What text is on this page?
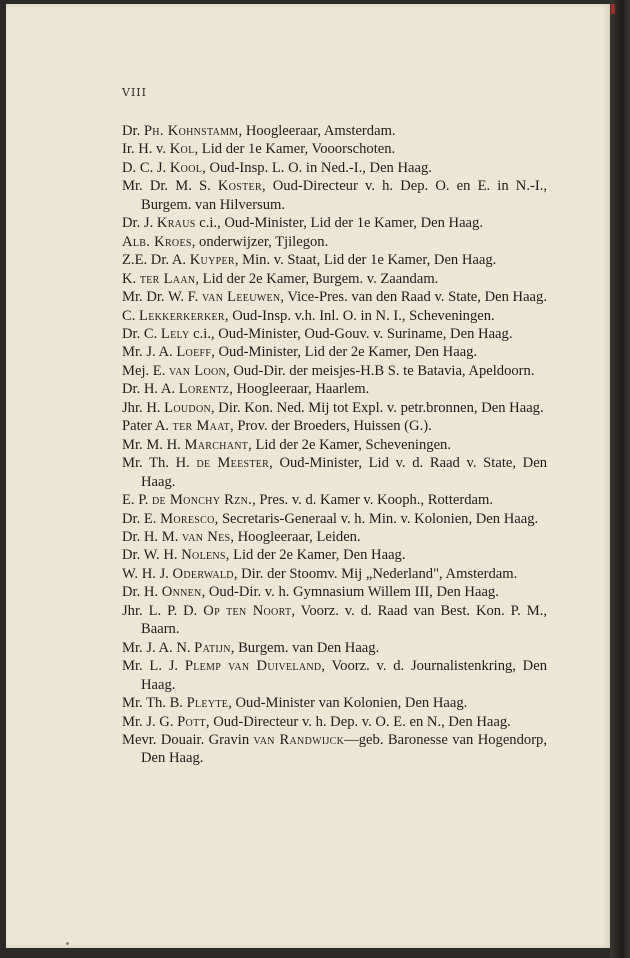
VIII
Dr. Ph. Kohnstamm, Hoogleeraar, Amsterdam.
Ir. H. v. Kol, Lid der 1e Kamer, Vooorschoten.
D. C. J. Kool, Oud-Insp. L. O. in Ned.-I., Den Haag.
Mr. Dr. M. S. Koster, Oud-Directeur v. h. Dep. O. en E. in N.-I., Burgem. van Hilversum.
Dr. J. Kraus c.i., Oud-Minister, Lid der 1e Kamer, Den Haag.
Alb. Kroes, onderwijzer, Tjilegon.
Z.E. Dr. A. Kuyper, Min. v. Staat, Lid der 1e Kamer, Den Haag.
K. ter Laan, Lid der 2e Kamer, Burgem. v. Zaandam.
Mr. Dr. W. F. van Leeuwen, Vice-Pres. van den Raad v. State, Den Haag.
C. Lekkerkerker, Oud-Insp. v.h. Inl. O. in N. I., Scheveningen.
Dr. C. Lely c.i., Oud-Minister, Oud-Gouv. v. Suriname, Den Haag.
Mr. J. A. Loeff, Oud-Minister, Lid der 2e Kamer, Den Haag.
Mej. E. van Loon, Oud-Dir. der meisjes-H.B S. te Batavia, Apeldoorn.
Dr. H. A. Lorentz, Hoogleeraar, Haarlem.
Jhr. H. Loudon, Dir. Kon. Ned. Mij tot Expl. v. petr.bronnen, Den Haag.
Pater A. ter Maat, Prov. der Broeders, Huissen (G.).
Mr. M. H. Marchant, Lid der 2e Kamer, Scheveningen.
Mr. Th. H. de Meester, Oud-Minister, Lid v. d. Raad v. State, Den Haag.
E. P. de Monchy Rzn., Pres. v. d. Kamer v. Kooph., Rotterdam.
Dr. E. Moresco, Secretaris-Generaal v. h. Min. v. Kolonien, Den Haag.
Dr. H. M. van Nes, Hoogleeraar, Leiden.
Dr. W. H. Nolens, Lid der 2e Kamer, Den Haag.
W. H. J. Oderwald, Dir. der Stoomv. Mij „Nederland", Amsterdam.
Dr. H. Onnen, Oud-Dir. v. h. Gymnasium Willem III, Den Haag.
Jhr. L. P. D. Op ten Noort, Voorz. v. d. Raad van Best. Kon. P. M., Baarn.
Mr. J. A. N. Patijn, Burgem. van Den Haag.
Mr. L. J. Plemp van Duiveland, Voorz. v. d. Journalistenkring, Den Haag.
Mr. Th. B. Pleyte, Oud-Minister van Kolonien, Den Haag.
Mr. J. G. Pott, Oud-Directeur v. h. Dep. v. O. E. en N., Den Haag.
Mevr. Douair. Gravin van Randwijck—geb. Baronesse van Hogendorp, Den Haag.
